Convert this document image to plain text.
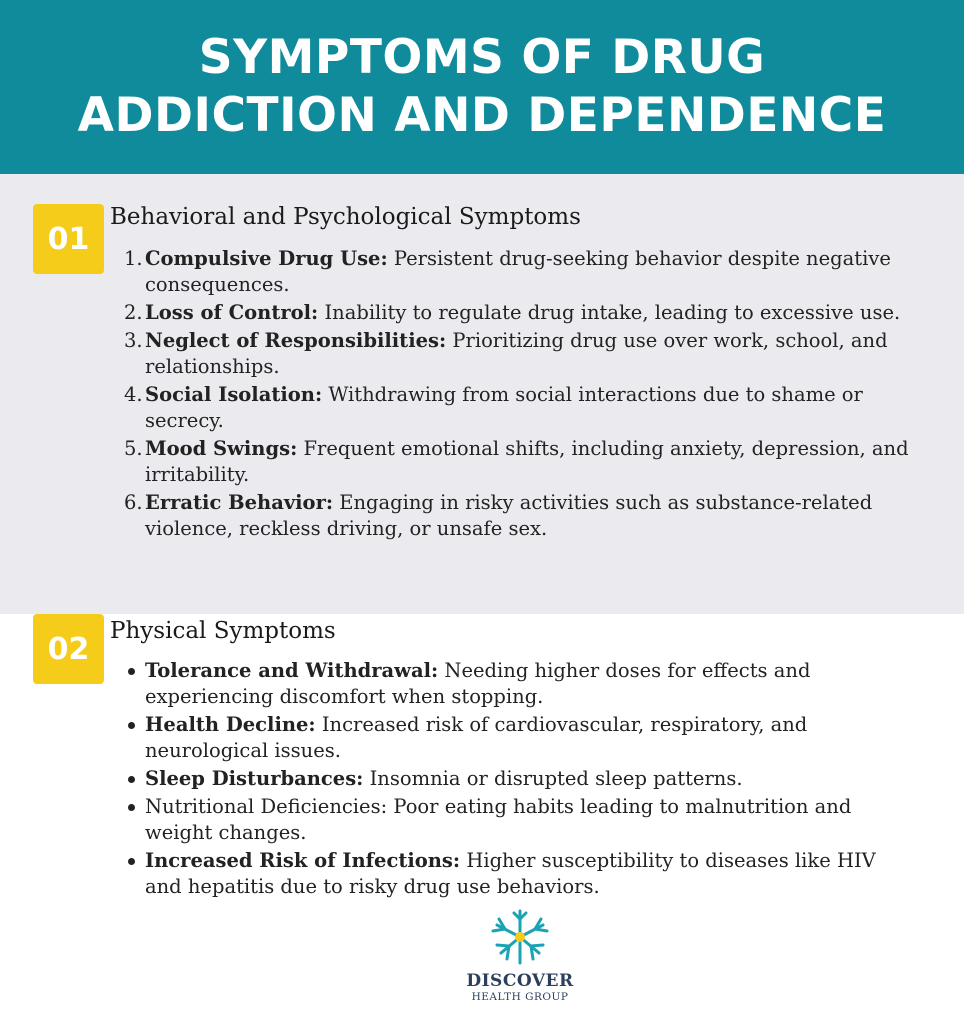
SYMPTOMS OF DRUG
ADDICTION AND DEPENDENCE
01
Behavioral and Psychological Symptoms
1. Compulsive Drug Use: Persistent drug-seeking behavior despite negative consequences.
2. Loss of Control: Inability to regulate drug intake, leading to excessive use.
3. Neglect of Responsibilities: Prioritizing drug use over work, school, and relationships.
4. Social Isolation: Withdrawing from social interactions due to shame or secrecy.
5. Mood Swings: Frequent emotional shifts, including anxiety, depression, and irritability.
6. Erratic Behavior: Engaging in risky activities such as substance-related violence, reckless driving, or unsafe sex.
02
Physical Symptoms
Tolerance and Withdrawal: Needing higher doses for effects and experiencing discomfort when stopping.
Health Decline: Increased risk of cardiovascular, respiratory, and neurological issues.
Sleep Disturbances: Insomnia or disrupted sleep patterns.
Nutritional Deficiencies: Poor eating habits leading to malnutrition and weight changes.
Increased Risk of Infections: Higher susceptibility to diseases like HIV and hepatitis due to risky drug use behaviors.
DISCOVER
HEALTH GROUP
